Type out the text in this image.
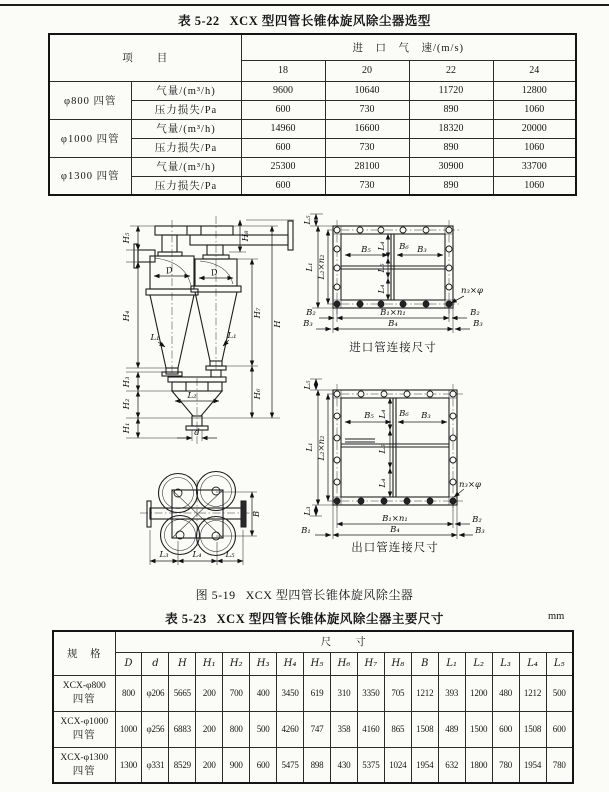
表 5-22 XCX 型四管长锥体旋风除尘器选型
项　　目		进　口　气　速/(m/s)			
		18	20	22	24
φ800 四管	气量/(m³/h)	9600	10640	11720	12800
	压力损失/Pa	600	730	890	1060
φ1000 四管	气量/(m³/h)	14960	16600	18320	20000
	压力损失/Pa	600	730	890	1060
φ1300 四管	气量/(m³/h)	25300	28100	30900	33700
	压力损失/Pa	600	730	890	1060
H₅
H₄
H₃
H₂
H₁
H₈
H₇
H₆
H
D	D
L₁	L₁
L₂
d
B
L₃	L₄	L₅
L₅
L₁ L₂×n₂
L₄
L₅
L₄
B₅	B₆ B₃
B₂	B₁×n₁	B₂
B₃	B₄	B₃
n₃×φ
进口管连接尺寸
L₅
L₁ L₂×n₂
L₃
L₄
L₅
L₄
B₅	B₆ B₃
B₁×n₁	B₂
B₁	B₄	B₃
n₃×φ
出口管连接尺寸
图 5-19 XCX 型四管长锥体旋风除尘器
表 5-23 XCX 型四管长锥体旋风除尘器主要尺寸	mm
规　格	尺　　寸																
	D	d	H	H₁	H₂	H₃	H₄	H₅	H₆	H₇	H₈	B	L₁	L₂	L₃	L₄	L₅

XCX-φ800
四管	800	φ206	5665	200	700	400	3450	619	310	3350	705	1212	393	1200	480	1212	500

XCX-φ1000
四管	1000	φ256	6883	200	800	500	4260	747	358	4160	865	1508	489	1500	600	1508	600

XCX-φ1300
四管	1300	φ331	8529	200	900	600	5475	898	430	5375	1024	1954	632	1800	780	1954	780
